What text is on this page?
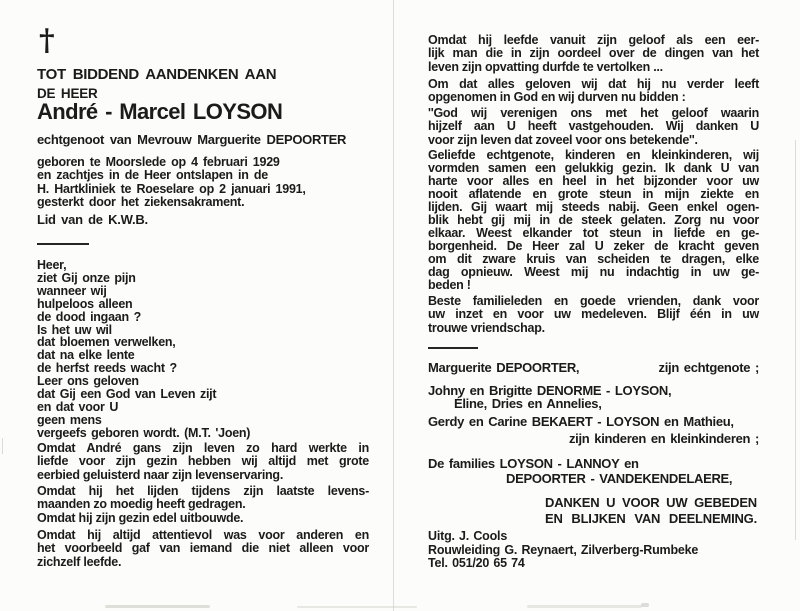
†
TOT BIDDEND AANDENKEN AAN
DE HEER
André - Marcel LOYSON
echtgenoot van Mevrouw Marguerite DEPOORTER
geboren te Moorslede op 4 februari 1929
en zachtjes in de Heer ontslapen in de
H. Hartkliniek te Roeselare op 2 januari 1991,
gesterkt door het ziekensakrament.
Lid van de K.W.B.
Heer,
ziet Gij onze pijn
wanneer wij
hulpeloos alleen
de dood ingaan ?
Is het uw wil
dat bloemen verwelken,
dat na elke lente
de herfst reeds wacht ?
Leer ons geloven
dat Gij een God van Leven zijt
en dat voor U
geen mens
vergeefs geboren wordt. (M.T. 'Joen)
Omdat André gans zijn leven zo hard werkte in
liefde voor zijn gezin hebben wij altijd met grote
eerbied geluisterd naar zijn levenservaring.
Omdat hij het lijden tijdens zijn laatste levens-
maanden zo moedig heeft gedragen.
Omdat hij zijn gezin edel uitbouwde.
Omdat hij altijd attentievol was voor anderen en
het voorbeeld gaf van iemand die niet alleen voor
zichzelf leefde.
Omdat hij leefde vanuit zijn geloof als een eer-
lijk man die in zijn oordeel over de dingen van het
leven zijn opvatting durfde te vertolken ...
Om dat alles geloven wij dat hij nu verder leeft
opgenomen in God en wij durven nu bidden :
''God wij verenigen ons met het geloof waarin
hijzelf aan U heeft vastgehouden. Wij danken U
voor zijn leven dat zoveel voor ons betekende''.
Geliefde echtgenote, kinderen en kleinkinderen, wij
vormden samen een gelukkig gezin. Ik dank U van
harte voor alles en heel in het bijzonder voor uw
nooit aflatende en grote steun in mijn ziekte en
lijden. Gij waart mij steeds nabij. Geen enkel ogen-
blik hebt gij mij in de steek gelaten. Zorg nu voor
elkaar. Weest elkander tot steun in liefde en ge-
borgenheid. De Heer zal U zeker de kracht geven
om dit zware kruis van scheiden te dragen, elke
dag opnieuw. Weest mij nu indachtig in uw ge-
beden !
Beste familieleden en goede vrienden, dank voor
uw inzet en voor uw medeleven. Blijf één in uw
trouwe vriendschap.
Marguerite DEPOORTER,	zijn echtgenote ;
Johny en Brigitte DENORME - LOYSON,
Éline, Dries en Annelies,
Gerdy en Carine BEKAERT - LOYSON en Mathieu,
zijn kinderen en kleinkinderen ;
De families LOYSON - LANNOY en
DEPOORTER - VANDEKENDELAERE,
DANKEN U VOOR UW GEBEDEN
EN BLIJKEN VAN DEELNEMING.
Uitg. J. Cools
Rouwleiding G. Reynaert, Zilverberg-Rumbeke
Tel. 051/20 65 74
